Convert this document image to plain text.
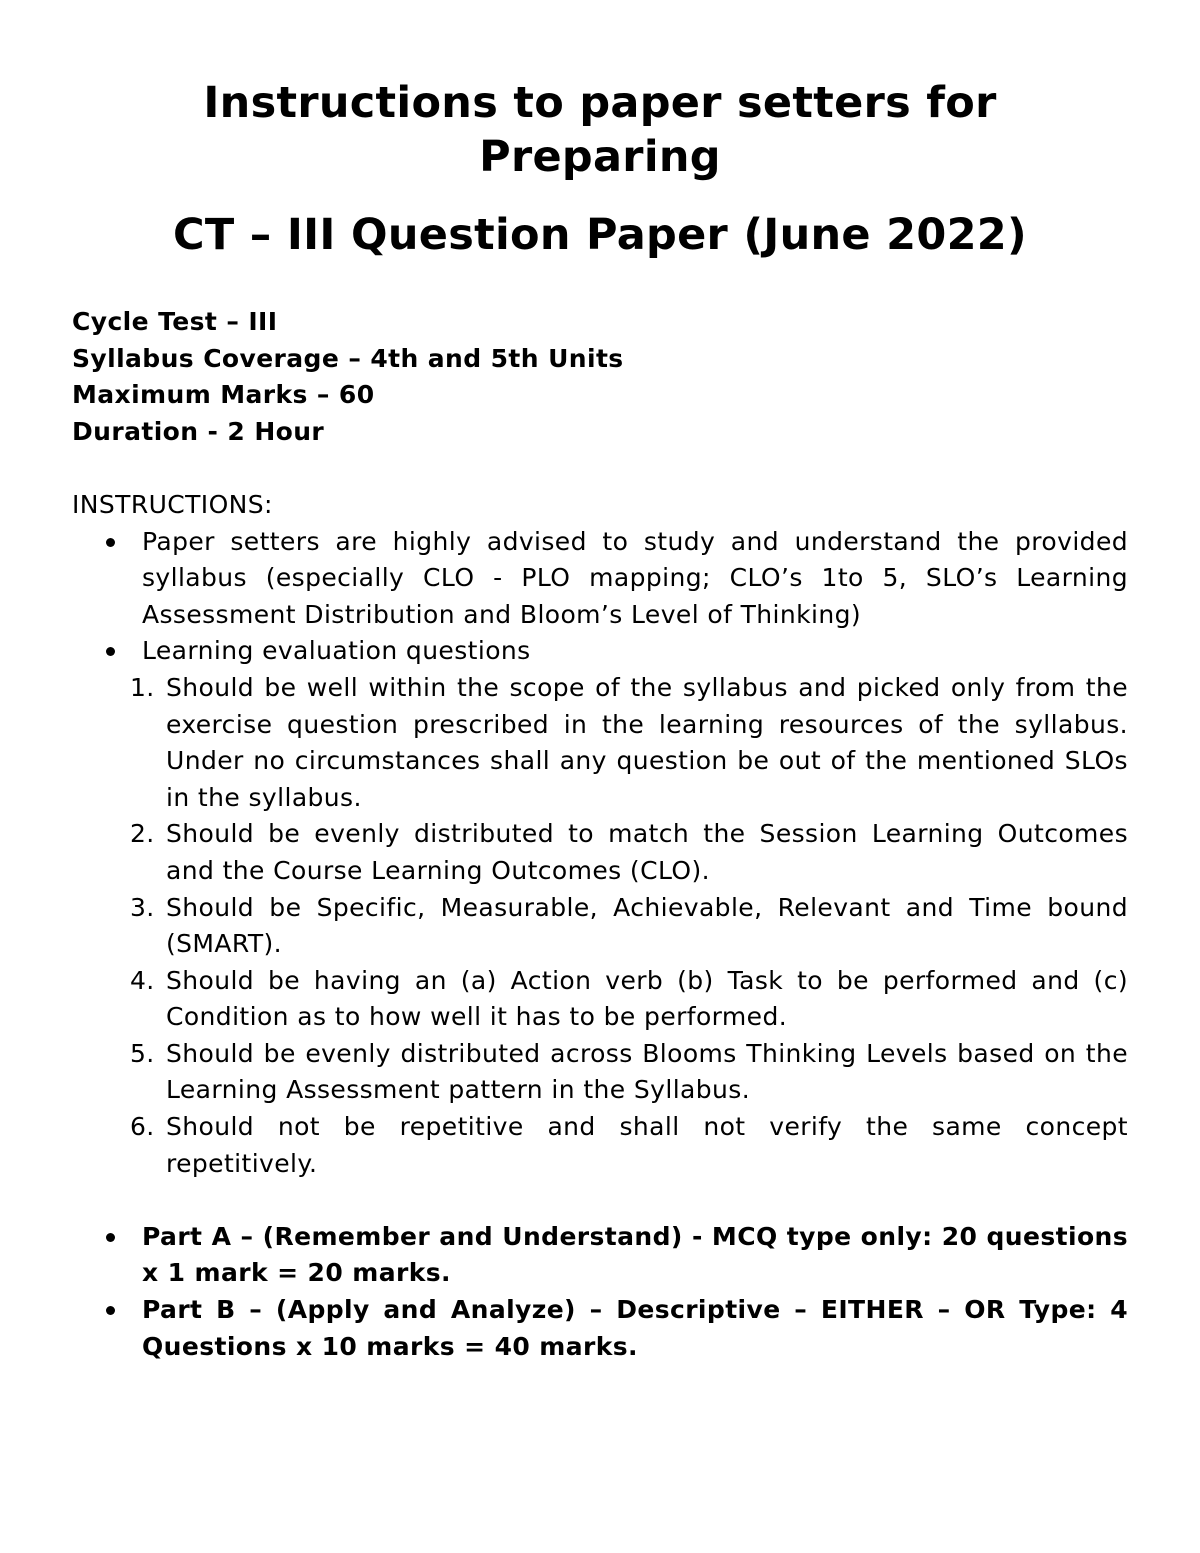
Instructions to paper setters for
Preparing
CT – III Question Paper (June 2022)
Cycle Test – III
Syllabus Coverage – 4th and 5th Units
Maximum Marks – 60
Duration - 2 Hour
INSTRUCTIONS:
Paper setters are highly advised to study and understand the provided syllabus (especially CLO - PLO mapping; CLO’s 1to 5, SLO’s Learning Assessment Distribution and Bloom’s Level of Thinking)
Learning evaluation questions
1. Should be well within the scope of the syllabus and picked only from the exercise question prescribed in the learning resources of the syllabus. Under no circumstances shall any question be out of the mentioned SLOs in the syllabus.
2. Should be evenly distributed to match the Session Learning Outcomes and the Course Learning Outcomes (CLO).
3. Should be Specific, Measurable, Achievable, Relevant and Time bound (SMART).
4. Should be having an (a) Action verb (b) Task to be performed and (c) Condition as to how well it has to be performed.
5. Should be evenly distributed across Blooms Thinking Levels based on the Learning Assessment pattern in the Syllabus.
6. Should not be repetitive and shall not verify the same concept repetitively.
Part A – (Remember and Understand) - MCQ type only: 20 questions x 1 mark = 20 marks.
Part B – (Apply and Analyze) – Descriptive – EITHER – OR Type: 4 Questions x 10 marks = 40 marks.
